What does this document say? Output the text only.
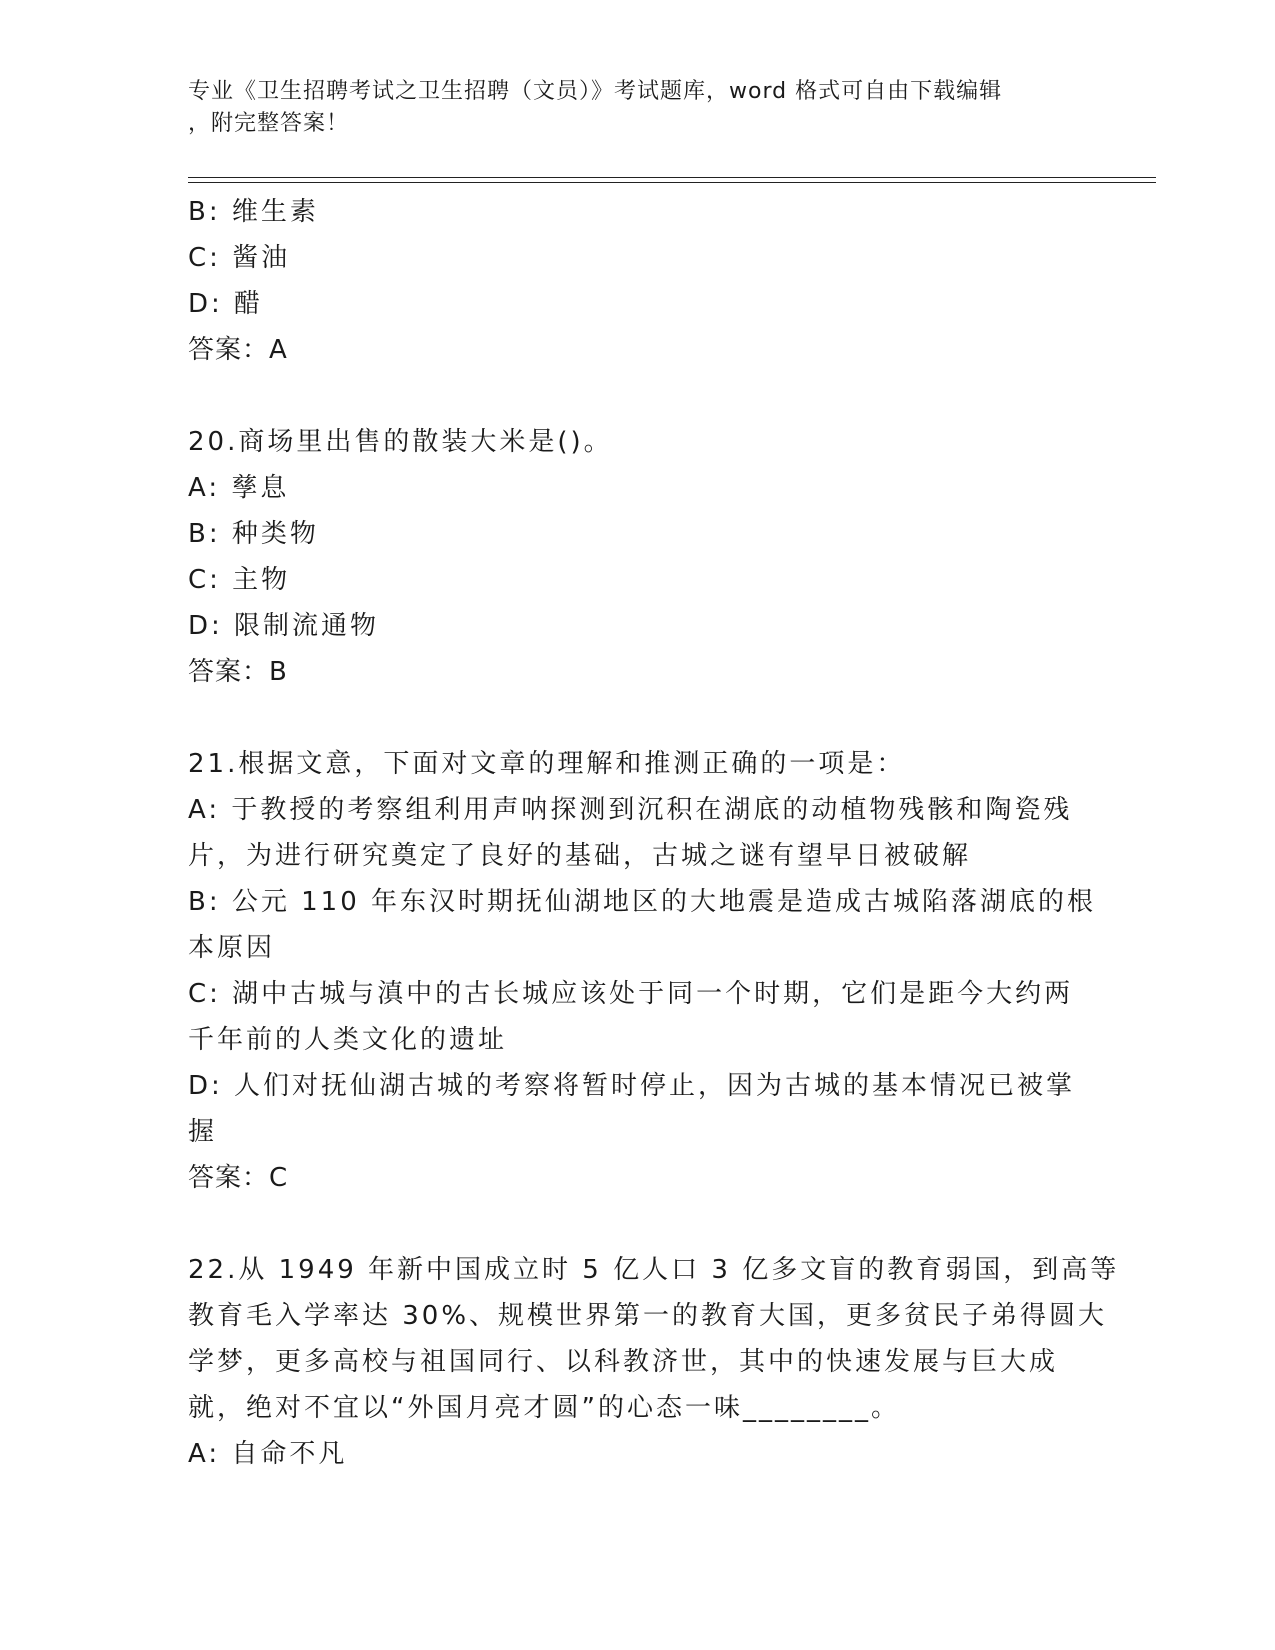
专业《卫生招聘考试之卫生招聘（文员）》考试题库，word 格式可自由下载编辑
，附完整答案！
B: 维生素
C: 酱油
D: 醋
答案：A
20.商场里出售的散装大米是()。
A: 孳息
B: 种类物
C: 主物
D: 限制流通物
答案：B
21.根据文意，下面对文章的理解和推测正确的一项是：
A: 于教授的考察组利用声呐探测到沉积在湖底的动植物残骸和陶瓷残
片，为进行研究奠定了良好的基础，古城之谜有望早日被破解
B: 公元 110 年东汉时期抚仙湖地区的大地震是造成古城陷落湖底的根
本原因
C: 湖中古城与滇中的古长城应该处于同一个时期，它们是距今大约两
千年前的人类文化的遗址
D: 人们对抚仙湖古城的考察将暂时停止，因为古城的基本情况已被掌
握
答案：C
22.从 1949 年新中国成立时 5 亿人口 3 亿多文盲的教育弱国，到高等
教育毛入学率达 30%、规模世界第一的教育大国，更多贫民子弟得圆大
学梦，更多高校与祖国同行、以科教济世，其中的快速发展与巨大成
就，绝对不宜以“外国月亮才圆”的心态一味________。
A: 自命不凡
